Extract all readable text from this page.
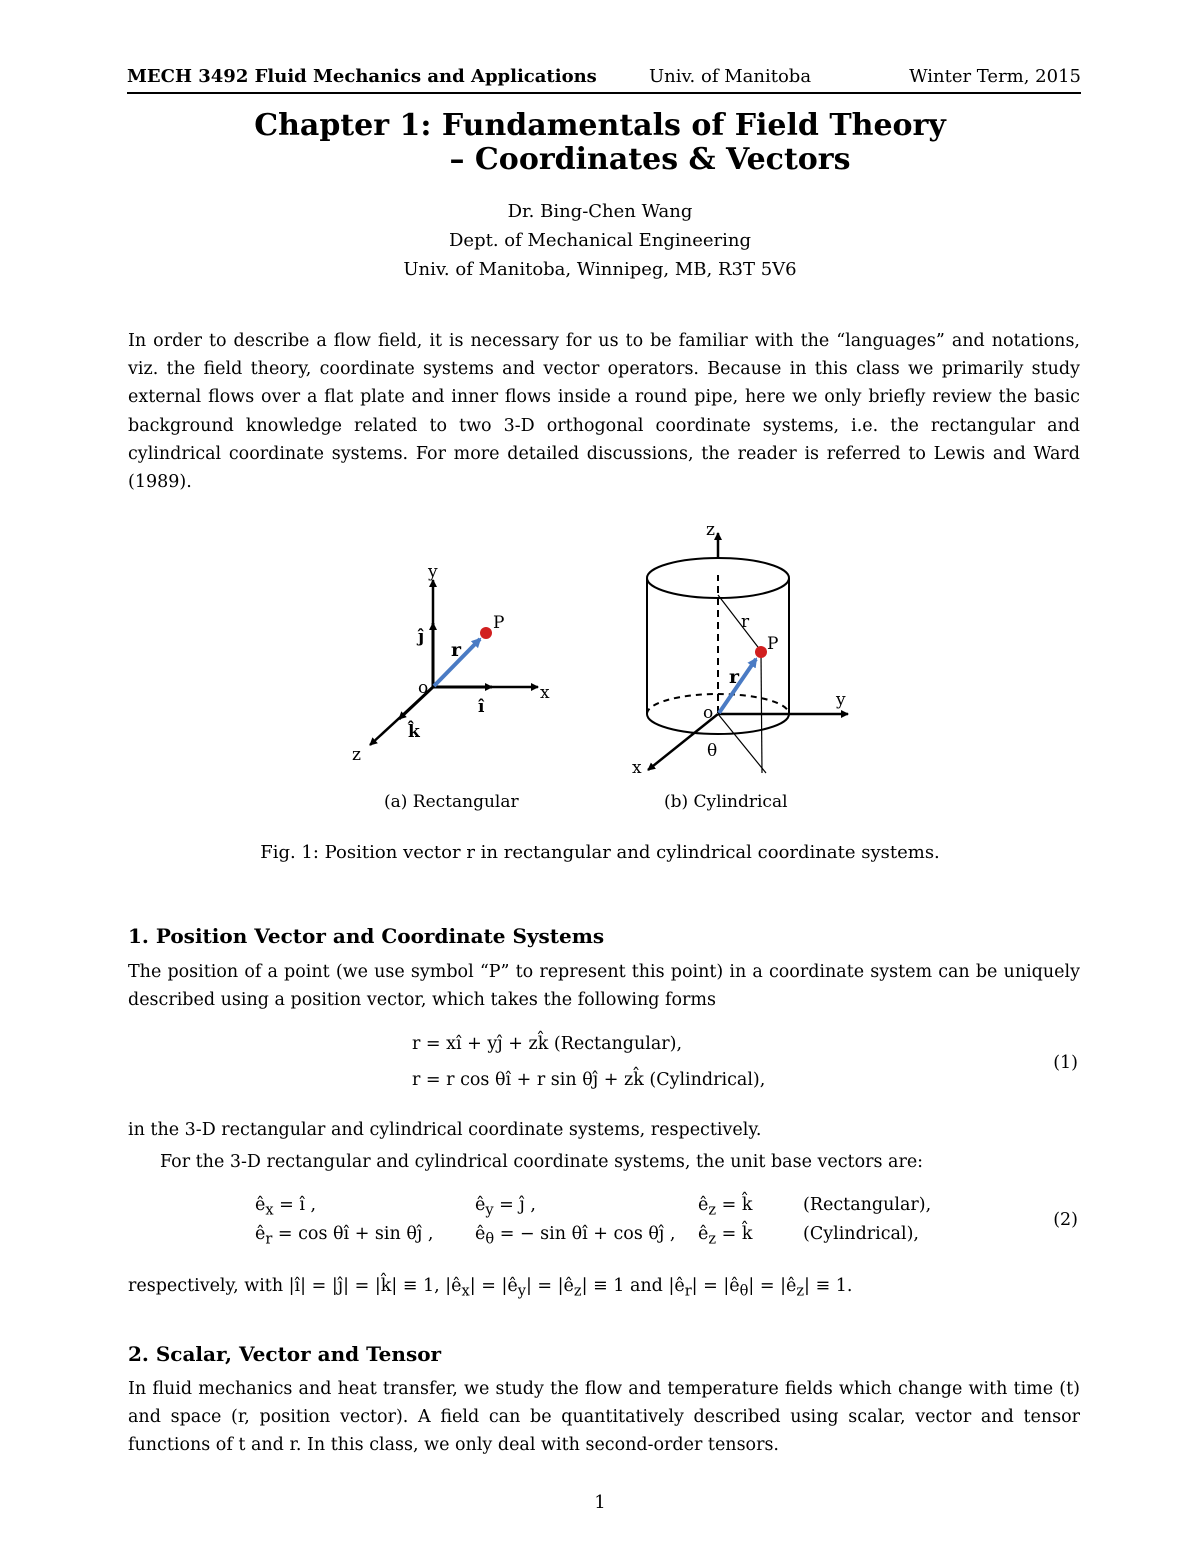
MECH 3492 Fluid Mechanics and Applications	Univ. of Manitoba	Winter Term, 2015
Chapter 1: Fundamentals of Field Theory
– Coordinates & Vectors
Dr. Bing-Chen Wang
Dept. of Mechanical Engineering
Univ. of Manitoba, Winnipeg, MB, R3T 5V6
In order to describe a flow field, it is necessary for us to be familiar with the “languages” and notations, viz. the field theory, coordinate systems and vector operators. Because in this class we primarily study external flows over a flat plate and inner flows inside a round pipe, here we only briefly review the basic background knowledge related to two 3-D orthogonal coordinate systems, i.e. the rectangular and cylindrical coordinate systems. For more detailed discussions, the reader is referred to Lewis and Ward (1989).
y
x
z
o
î
ĵ
k̂
r
P
z
y
x
o
r
r
P
θ
(a) Rectangular	(b) Cylindrical
Fig. 1: Position vector r in rectangular and cylindrical coordinate systems.
1. Position Vector and Coordinate Systems
The position of a point (we use symbol “P” to represent this point) in a coordinate system can be uniquely described using a position vector, which takes the following forms
r = xî + yĵ + zk̂ (Rectangular),
r = r cos θî + r sin θĵ + zk̂ (Cylindrical),
(1)
in the 3-D rectangular and cylindrical coordinate systems, respectively.
For the 3-D rectangular and cylindrical coordinate systems, the unit base vectors are:
$ê_x$ = î ,	$ê_y$ = ĵ ,	$ê_z$ = k̂	(Rectangular),
$ê_r = \cos$ θî + sin θĵ , $ê_\theta$ = − sin θî + cos θĵ , $ê_z$ = k̂	(Cylindrical),
(2)
respectively, with |î| = |ĵ| = |k̂| ≡ 1, $|ê_x|$ = $|ê_y|$ = $|ê_z| \equiv 1$ and $|ê_r|$ = $|ê_\theta|$ = $|ê_z| \equiv 1$.
2. Scalar, Vector and Tensor
In fluid mechanics and heat transfer, we study the flow and temperature fields which change with time (t) and space (r, position vector). A field can be quantitatively described using scalar, vector and tensor functions of t and r. In this class, we only deal with second-order tensors.
1
